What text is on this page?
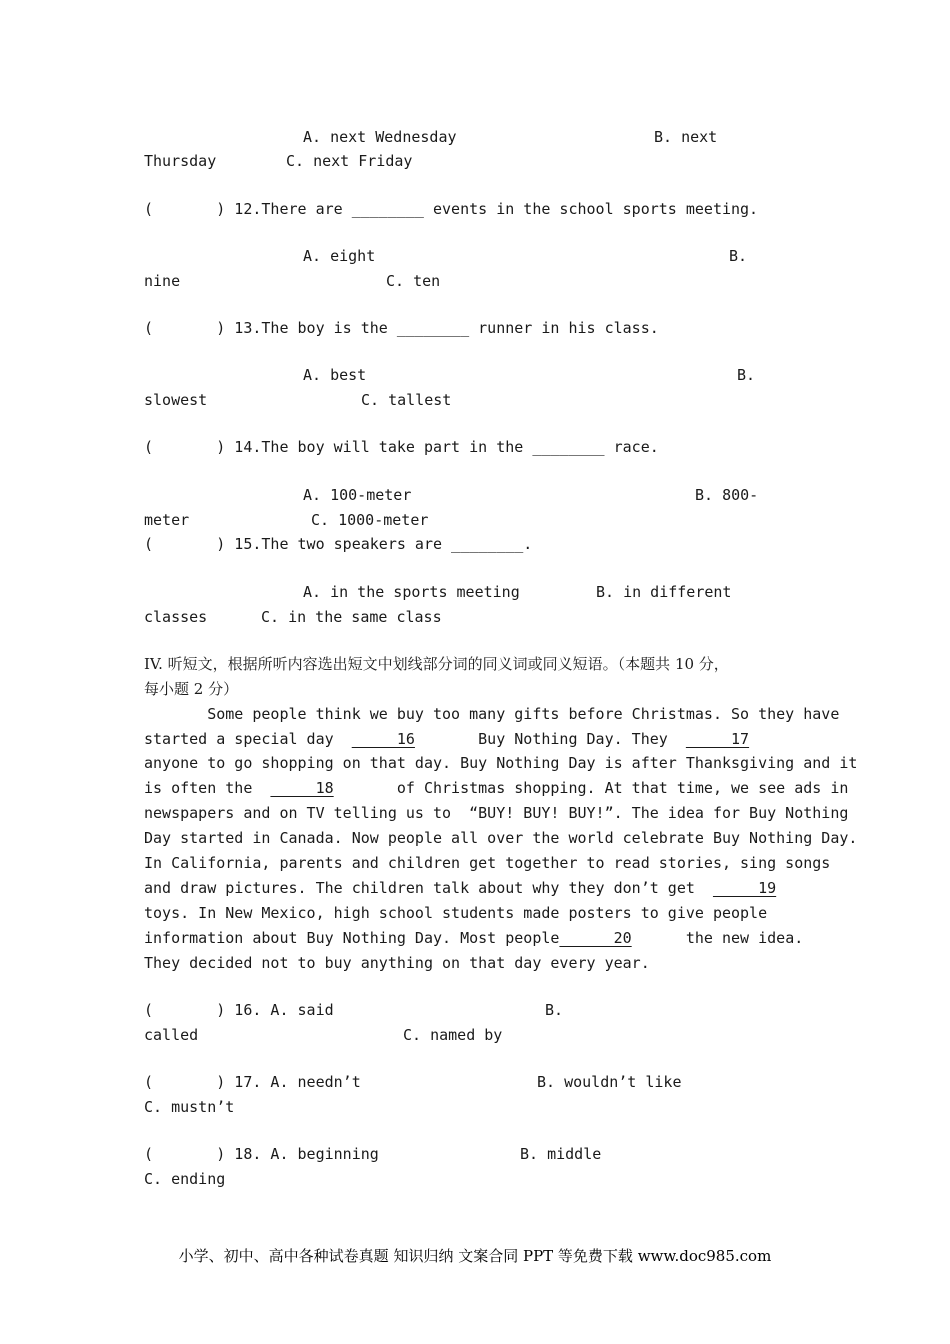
A. next Wednesday	B. next
Thursday	C. next Friday
(       ) 12.There are ________ events in the school sports meeting.
A. eight	B.
nine	C. ten
(       ) 13.The boy is the ________ runner in his class.
A. best	B.
slowest	C. tallest
(       ) 14.The boy will take part in the ________ race.
A. 100-meter	B. 800-
meter	C. 1000-meter
(       ) 15.The two speakers are ________.
A. in the sports meeting	B. in different
classes	C. in the same class
IV. 听短文，根据所听内容选出短文中划线部分词的同义词或同义短语。（本题共 10 分，
每小题 2 分）
Some people think we buy too many gifts before Christmas. So they have
started a special day       16       Buy Nothing Day. They       17
anyone to go shopping on that day. Buy Nothing Day is after Thanksgiving and it
is often the       18       of Christmas shopping. At that time, we see ads in
newspapers and on TV telling us to  “BUY! BUY! BUY!”. The idea for Buy Nothing
Day started in Canada. Now people all over the world celebrate Buy Nothing Day.
In California, parents and children get together to read stories, sing songs
and draw pictures. The children talk about why they don’t get       19
toys. In New Mexico, high school students made posters to give people
information about Buy Nothing Day. Most people      20      the new idea.
They decided not to buy anything on that day every year.
(       ) 16. A. said	B.
called	C. named by
(       ) 17. A. needn’t	B. wouldn’t like
C. mustn’t
(       ) 18. A. beginning	B. middle
C. ending
小学、初中、高中各种试卷真题 知识归纳 文案合同 PPT 等免费下载 www.doc985.com
